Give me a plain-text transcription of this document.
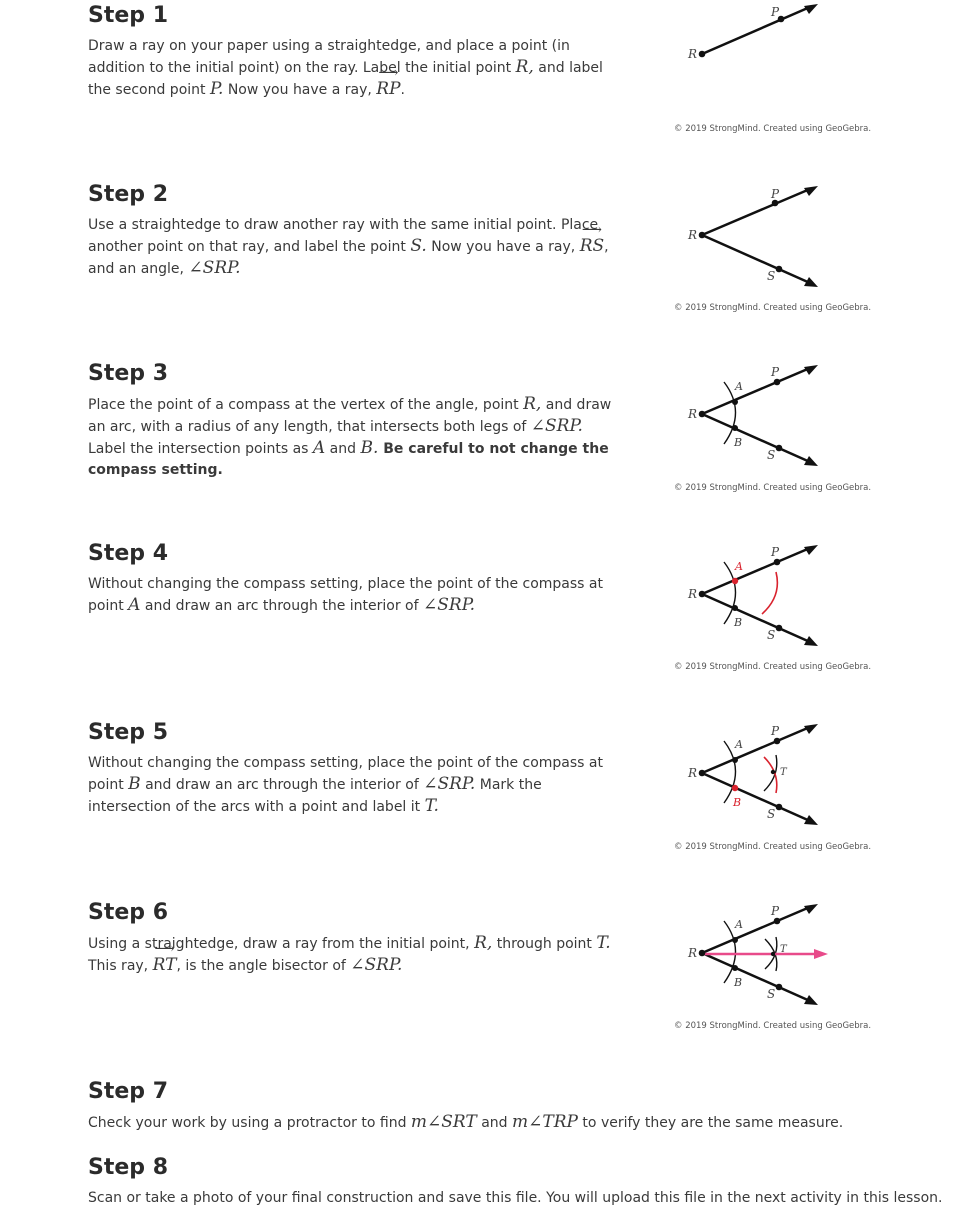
Step 1

Draw a ray on your paper using a straightedge, and place a point (in addition to the initial point) on the ray. Label the initial point R, and label the second point P. Now you have a ray, ⟶ RP.

R
P
© 2019 StrongMind. Created using GeoGebra.
Step 2

Use a straightedge to draw another ray with the same initial point. Place another point on that ray, and label the point S. Now you have a ray, ⟶ RS, and an angle, ∠SRP.

R
P
S
© 2019 StrongMind. Created using GeoGebra.
Step 3

Place the point of a compass at the vertex of the angle, point R, and draw an arc, with a radius of any length, that intersects both legs of ∠SRP. Label the intersection points as A and B. Be careful to not change the compass setting.

R
P
S
A
B
© 2019 StrongMind. Created using GeoGebra.
Step 4

Without changing the compass setting, place the point of the compass at point A and draw an arc through the interior of ∠SRP.

R
P
S
A
B
© 2019 StrongMind. Created using GeoGebra.
Step 5

Without changing the compass setting, place the point of the compass at point B and draw an arc through the interior of ∠SRP. Mark the intersection of the arcs with a point and label it T.

R
P
S
A
B
T
© 2019 StrongMind. Created using GeoGebra.
Step 6

Using a straightedge, draw a ray from the initial point, R, through point T. This ray, ⟶ RT, is the angle bisector of ∠SRP.

R
P
S
A
B
T
© 2019 StrongMind. Created using GeoGebra.
Step 7

Check your work by using a protractor to find m∠SRT and m∠TRP to verify they are the same measure.

Step 8

Scan or take a photo of your final construction and save this file. You will upload this file in the next activity in this lesson.
